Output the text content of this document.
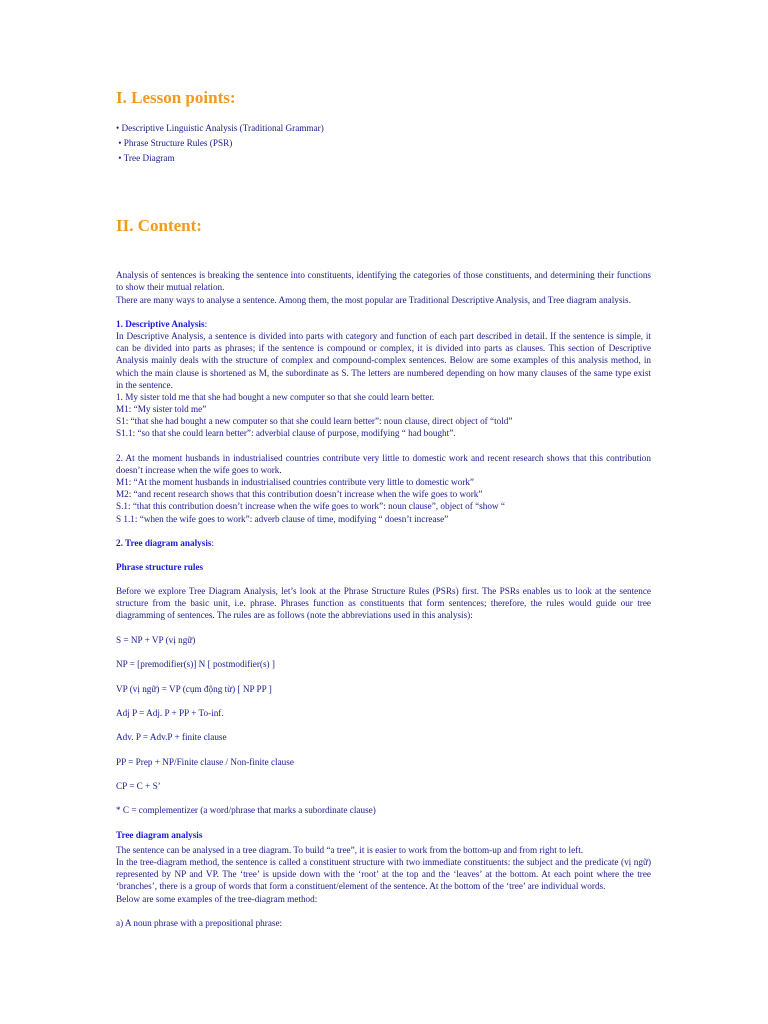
I. Lesson points:
• Descriptive Linguistic Analysis (Traditional Grammar)
• Phrase Structure Rules (PSR)
• Tree Diagram
II. Content:
Analysis of sentences is breaking the sentence into constituents, identifying the categories of those constituents, and determining their functions to show their mutual relation.
There are many ways to analyse a sentence. Among them, the most popular are Traditional Descriptive Analysis, and Tree diagram analysis.
1. Descriptive Analysis:
In Descriptive Analysis, a sentence is divided into parts with category and function of each part described in detail. If the sentence is simple, it can be divided into parts as phrases; if the sentence is compound or complex, it is divided into parts as clauses. This section of Descriptive Analysis mainly deals with the structure of complex and compound-complex sentences. Below are some examples of this analysis method, in which the main clause is shortened as M, the subordinate as S. The letters are numbered depending on how many clauses of the same type exist in the sentence.
1. My sister told me that she had bought a new computer so that she could learn better.
M1: “My sister told me”
S1: “that she had bought a new computer so that she could learn better”: noun clause, direct object of “told”
S1.1: “so that she could learn better”: adverbial clause of purpose, modifying “ had bought”.
2. At the moment husbands in industrialised countries contribute very little to domestic work and recent research shows that this contribution doesn’t increase when the wife goes to work.
M1: “At the moment husbands in industrialised countries contribute very little to domestic work”
M2: “and recent research shows that this contribution doesn’t increase when the wife goes to work”
S.1: “that this contribution doesn’t increase when the wife goes to work”: noun clause”, object of “show “
S 1.1: “when the wife goes to work”: adverb clause of time, modifying “ doesn’t increase”
2. Tree diagram analysis:
Phrase structure rules
Before we explore Tree Diagram Analysis, let’s look at the Phrase Structure Rules (PSRs) first. The PSRs enables us to look at the sentence structure from the basic unit, i.e. phrase. Phrases function as constituents that form sentences; therefore, the rules would guide our tree diagramming of sentences. The rules are as follows (note the abbreviations used in this analysis):
S = NP + VP (vị ngữ)
NP = [premodifier(s)] N [ postmodifier(s) ]
VP (vị ngữ) = VP (cụm động từ) [ NP PP ]
Adj P = Adj. P + PP + To-inf.
Adv. P = Adv.P + finite clause
PP = Prep + NP/Finite clause / Non-finite clause
CP = C + S’
* C = complementizer (a word/phrase that marks a subordinate clause)
Tree diagram analysis
The sentence can be analysed in a tree diagram. To build “a tree”, it is easier to work from the bottom-up and from right to left.
In the tree-diagram method, the sentence is called a constituent structure with two immediate constituents: the subject and the predicate (vị ngữ) represented by NP and VP. The ‘tree’ is upside down with the ‘root’ at the top and the ‘leaves’ at the bottom. At each point where the tree ‘branches’, there is a group of words that form a constituent/element of the sentence. At the bottom of the ‘tree’ are individual words.
Below are some examples of the tree-diagram method:
a) A noun phrase with a prepositional phrase:
